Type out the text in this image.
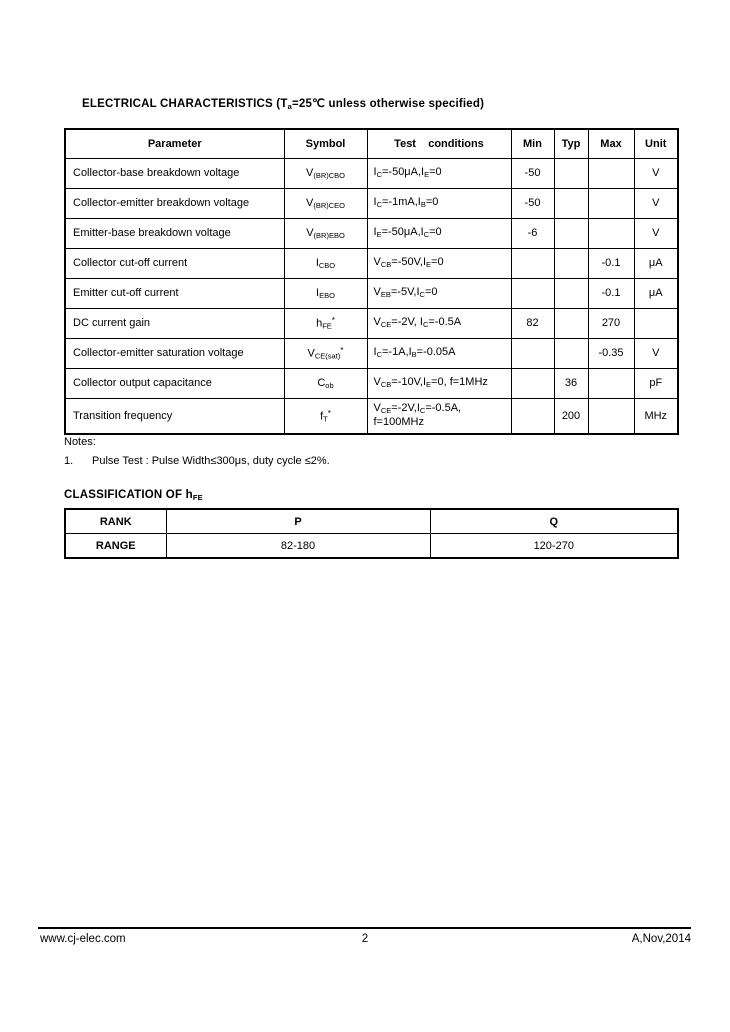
ELECTRICAL CHARACTERISTICS (Ta=25℃ unless otherwise specified)
Parameter	Symbol	Test    conditions	Min	Typ	Max	Unit
Collector-base breakdown voltage	V(BR)CBO	IC=-50μA,IE=0	-50			V
Collector-emitter breakdown voltage	V(BR)CEO	IC=-1mA,IB=0	-50			V
Emitter-base breakdown voltage	V(BR)EBO	IE=-50μA,IC=0	-6			V
Collector cut-off current	ICBO	VCB=-50V,IE=0			-0.1	μA
Emitter cut-off current	IEBO	VEB=-5V,IC=0			-0.1	μA
DC current gain	hFE*	VCE=-2V, IC=-0.5A	82		270	
Collector-emitter saturation voltage	VCE(sat)*	IC=-1A,IB=-0.05A			-0.35	V
Collector output capacitance	Cob	VCB=-10V,IE=0, f=1MHz		36		pF
Transition frequency	fT*	VCE=-2V,IC=-0.5A,
f=100MHz		200		MHz
Notes:
1. Pulse Test : Pulse Width≤300μs, duty cycle ≤2%.
CLASSIFICATION OF hFE
RANK	P	Q
RANGE	82-180	120-270
2
www.cj-elec.com	A,Nov,2014
